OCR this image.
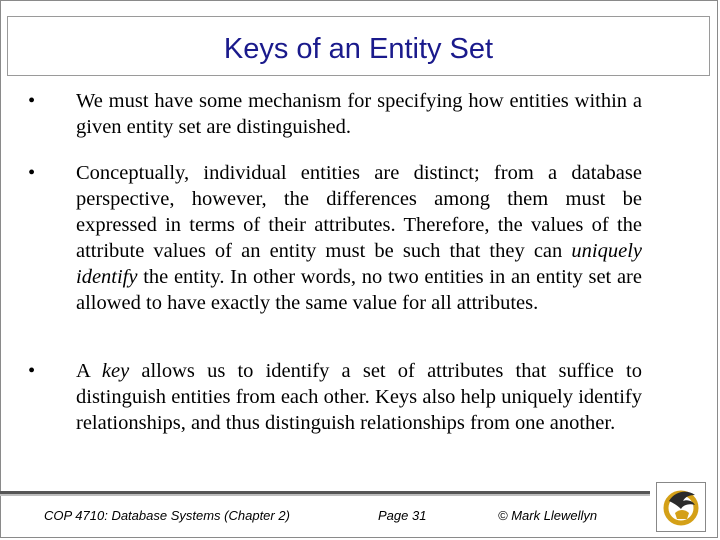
Keys of an Entity Set
•	We must have some mechanism for specifying how entities within a given entity set are distinguished.
•	Conceptually, individual entities are distinct; from a database perspective, however, the differences among them must be expressed in terms of their attributes. Therefore, the values of the attribute values of an entity must be such that they can uniquely identify the entity. In other words, no two entities in an entity set are allowed to have exactly the same value for all attributes.
•	A key allows us to identify a set of attributes that suffice to distinguish entities from each other. Keys also help uniquely identify relationships, and thus distinguish relationships from one another.
COP 4710: Database Systems (Chapter 2)	Page 31	© Mark Llewellyn
